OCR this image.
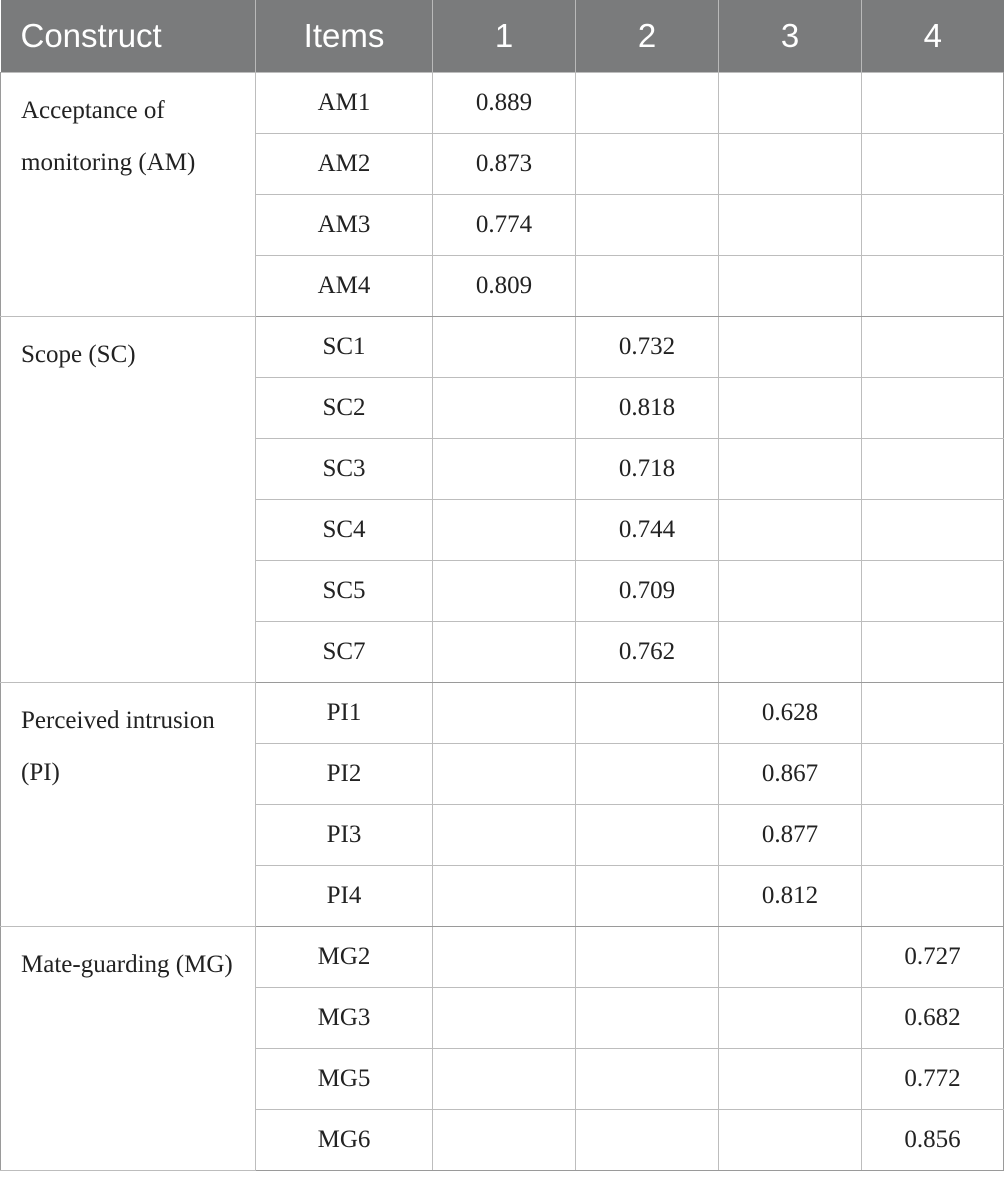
Construct	Items	1	2	3	4
Acceptance of monitoring (AM)	AM1	0.889			
	AM2	0.873			
	AM3	0.774			
	AM4	0.809			
Scope (SC)	SC1		0.732		
	SC2		0.818		
	SC3		0.718		
	SC4		0.744		
	SC5		0.709		
	SC7		0.762		
Perceived intrusion (PI)	PI1			0.628	
	PI2			0.867	
	PI3			0.877	
	PI4			0.812	
Mate-guarding (MG)	MG2				0.727
	MG3				0.682
	MG5				0.772
	MG6				0.856
